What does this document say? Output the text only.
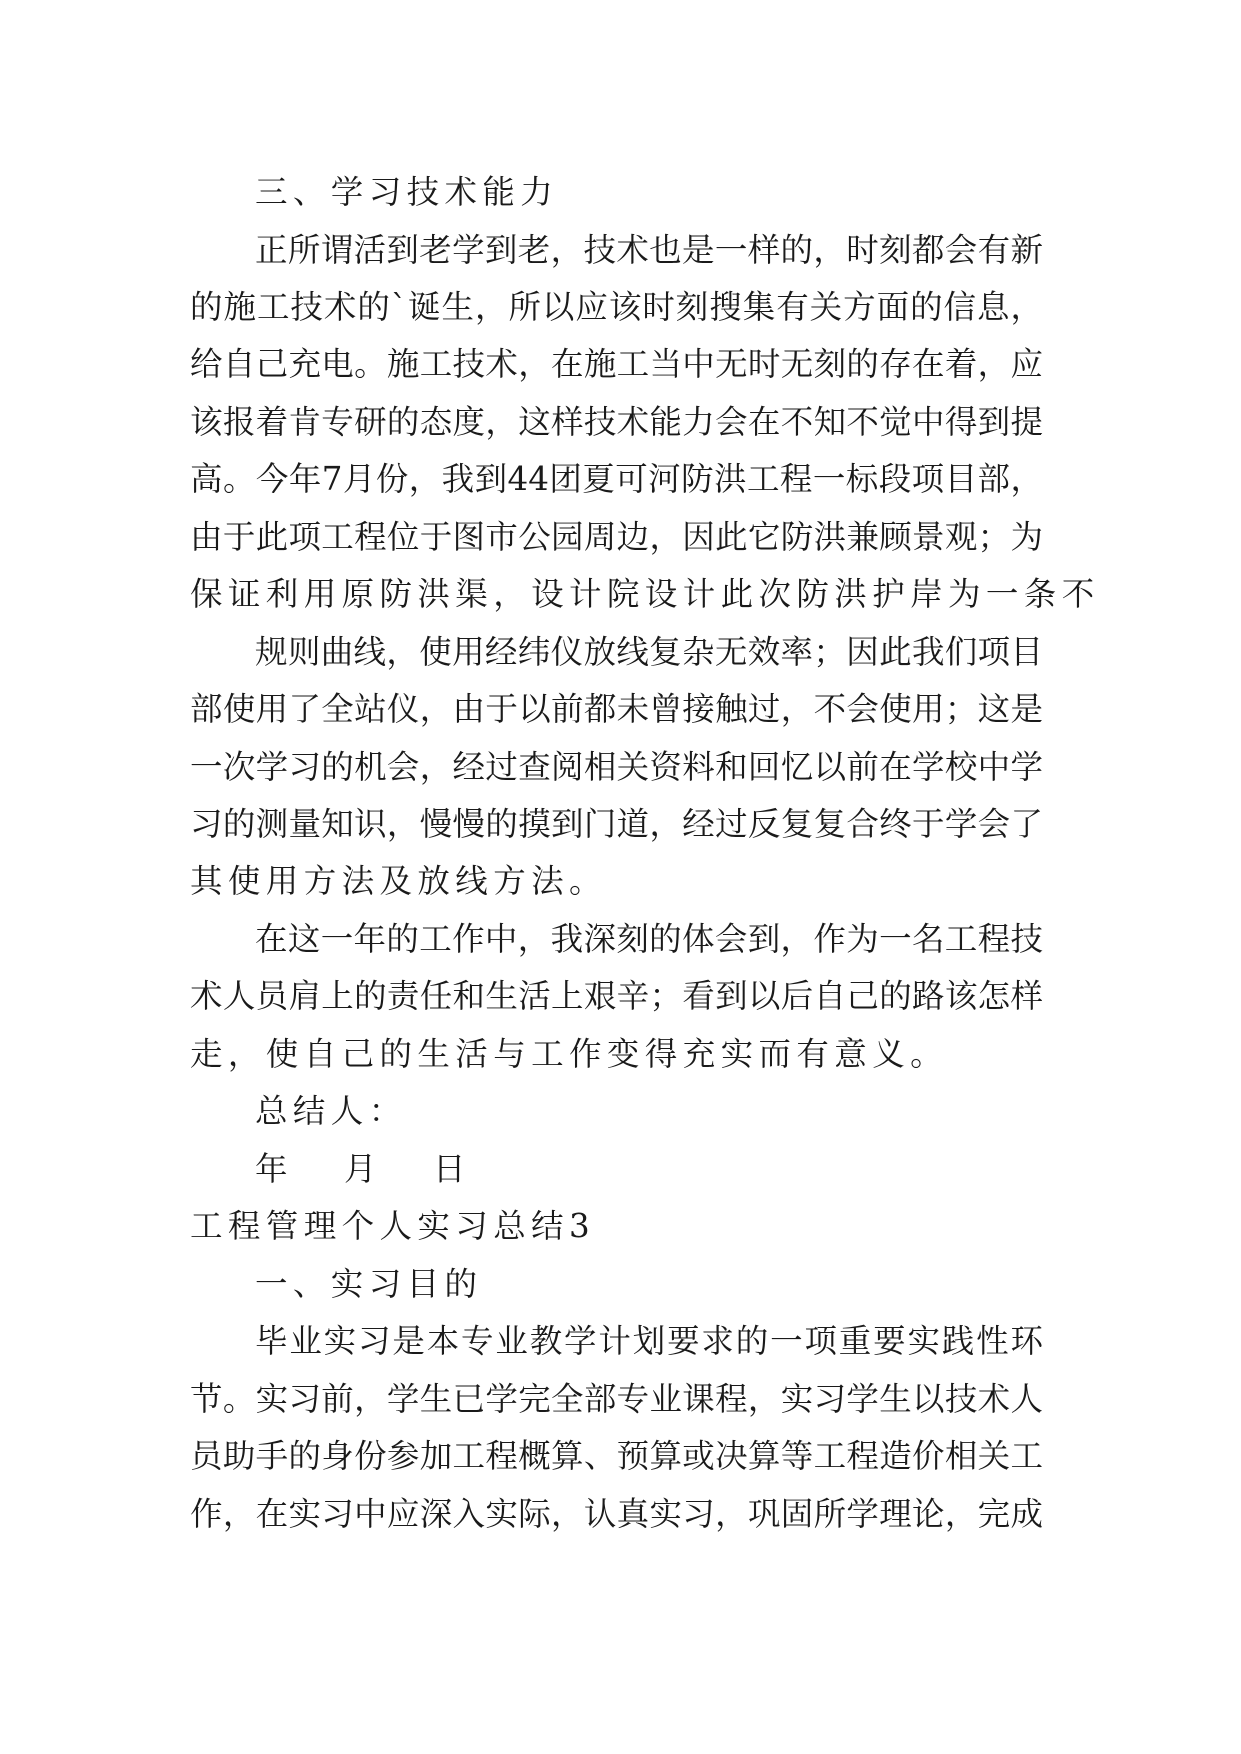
三、学习技术能力
正所谓活到老学到老，技术也是一样的，时刻都会有新
的施工技术的`诞生，所以应该时刻搜集有关方面的信息，
给自己充电。施工技术，在施工当中无时无刻的存在着，应
该报着肯专研的态度，这样技术能力会在不知不觉中得到提
高。今年7月份，我到44团夏可河防洪工程一标段项目部，
由于此项工程位于图市公园周边，因此它防洪兼顾景观；为
保证利用原防洪渠，设计院设计此次防洪护岸为一条不
规则曲线，使用经纬仪放线复杂无效率；因此我们项目
部使用了全站仪，由于以前都未曾接触过，不会使用；这是
一次学习的机会，经过查阅相关资料和回忆以前在学校中学
习的测量知识，慢慢的摸到门道，经过反复复合终于学会了
其使用方法及放线方法。
在这一年的工作中，我深刻的体会到，作为一名工程技
术人员肩上的责任和生活上艰辛；看到以后自己的路该怎样
走，使自己的生活与工作变得充实而有意义。
总结人：
年　月　日
工程管理个人实习总结3
一、实习目的
毕业实习是本专业教学计划要求的一项重要实践性环
节。实习前，学生已学完全部专业课程，实习学生以技术人
员助手的身份参加工程概算、预算或决算等工程造价相关工
作，在实习中应深入实际，认真实习，巩固所学理论，完成
